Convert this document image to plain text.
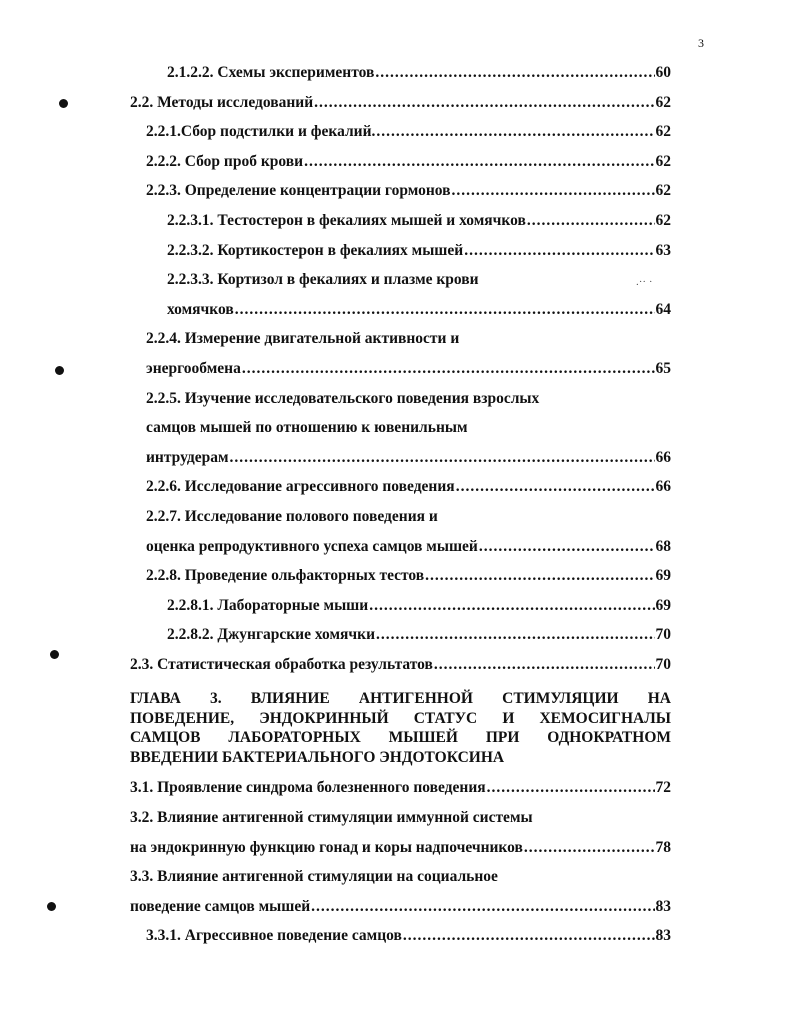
3
.·· ·
2.1.2.2. Схемы экспериментов .....	60
2.2. Методы исследований .....	62
2.2.1.Сбор подстилки и фекалий. .....	62
2.2.2. Сбор проб крови .....	62
2.2.3. Определение концентрации гормонов .....	62
2.2.3.1. Тестостерон в фекалиях мышей и хомячков .....	62
2.2.3.2. Кортикостерон в фекалиях мышей .....	63
2.2.3.3. Кортизол в фекалиях и плазме крови
хомячков .....	64
2.2.4. Измерение двигательной активности и
энергообмена .....	65
2.2.5. Изучение исследовательского поведения взрослых
самцов мышей по отношению к ювенильным
интрудерам .....	66
2.2.6. Исследование агрессивного поведения .....	66
2.2.7. Исследование полового поведения и
оценка репродуктивного успеха самцов мышей .....	68
2.2.8. Проведение ольфакторных тестов .....	69
2.2.8.1. Лабораторные мыши .....	69
2.2.8.2. Джунгарские хомячки .....	70
2.3. Статистическая обработка результатов .....	70
ГЛАВА 3. ВЛИЯНИЕ АНТИГЕННОЙ СТИМУЛЯЦИИ НА
ПОВЕДЕНИЕ, ЭНДОКРИННЫЙ СТАТУС И ХЕМОСИГНАЛЫ
САМЦОВ ЛАБОРАТОРНЫХ МЫШЕЙ ПРИ ОДНОКРАТНОМ
ВВЕДЕНИИ БАКТЕРИАЛЬНОГО ЭНДОТОКСИНА
3.1. Проявление синдрома болезненного поведения .....	72
3.2. Влияние антигенной стимуляции иммунной системы
на эндокринную функцию гонад и коры надпочечников .....	78
3.3. Влияние антигенной стимуляции на социальное
поведение самцов мышей .....	83
3.3.1. Агрессивное поведение самцов .....	83
